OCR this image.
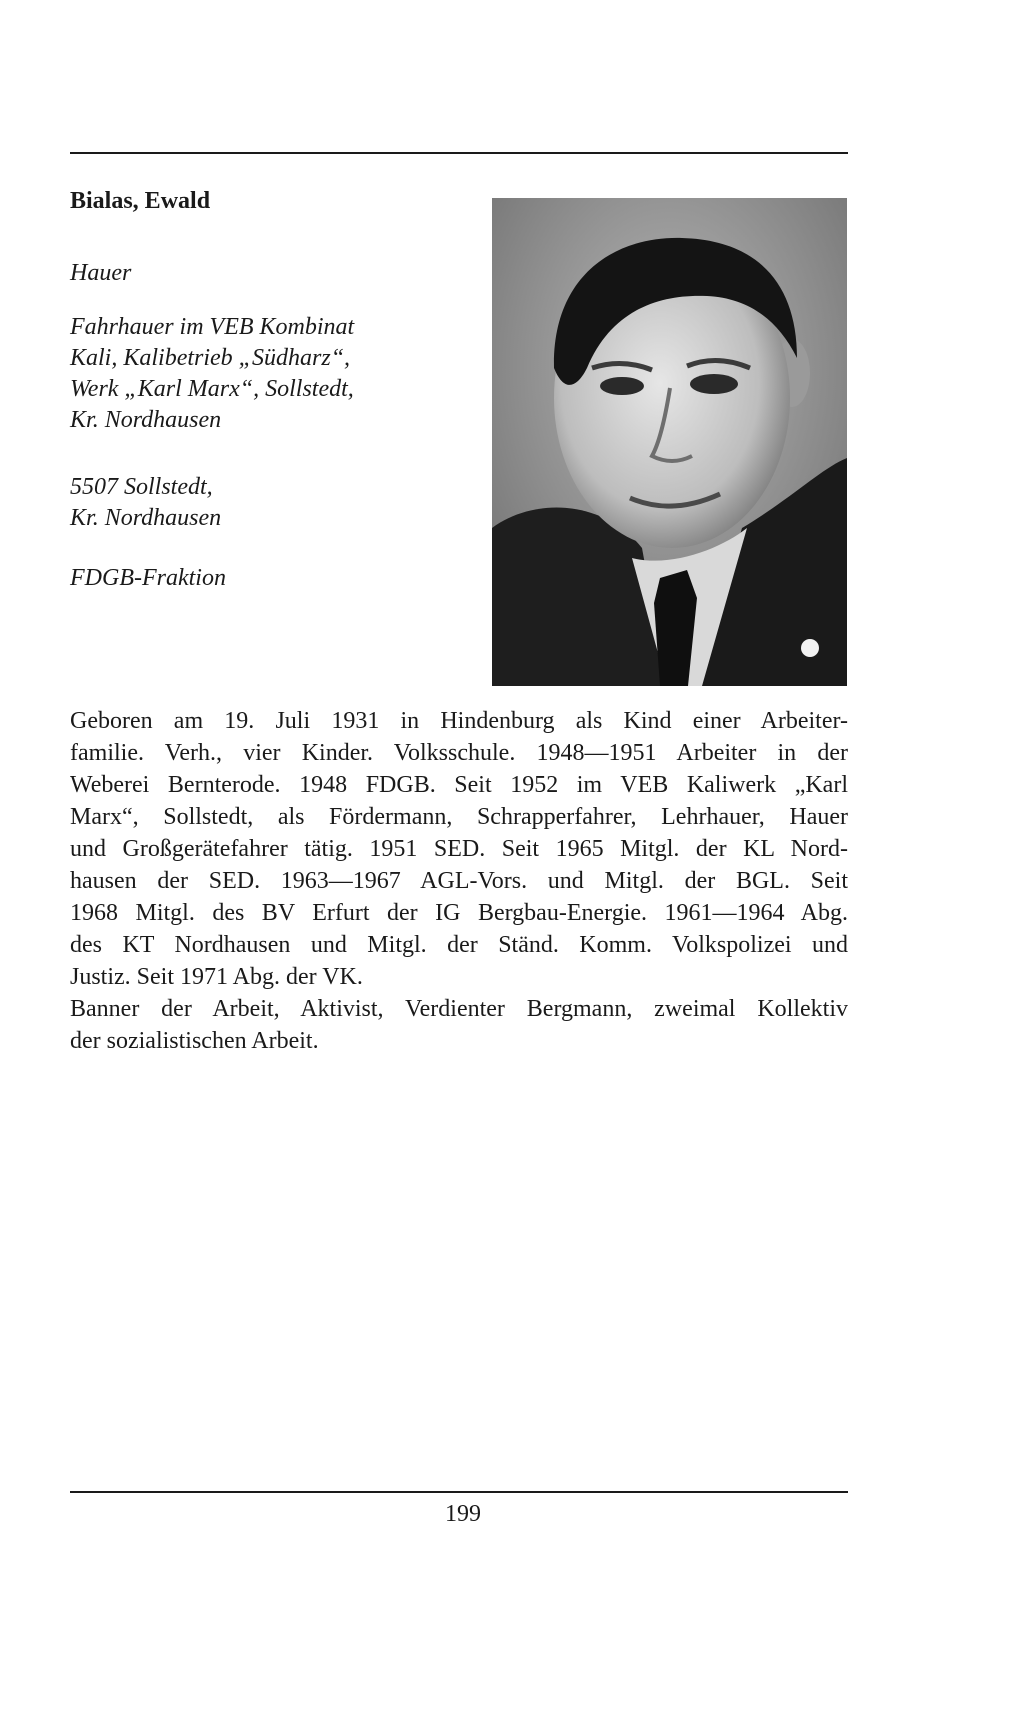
Bialas, Ewald
Hauer
Fahrhauer im VEB Kombinat
Kali, Kalibetrieb „Südharz“,
Werk „Karl Marx“, Sollstedt,
Kr. Nordhausen
5507 Sollstedt,
Kr. Nordhausen
FDGB-Fraktion

Geboren am 19. Juli 1931 in Hindenburg als Kind einer Arbeiter-
familie. Verh., vier Kinder. Volksschule. 1948—1951 Arbeiter in der
Weberei Bernterode. 1948 FDGB. Seit 1952 im VEB Kaliwerk „Karl
Marx“, Sollstedt, als Fördermann, Schrapperfahrer, Lehrhauer, Hauer
und Großgerätefahrer tätig. 1951 SED. Seit 1965 Mitgl. der KL Nord-
hausen der SED. 1963—1967 AGL-Vors. und Mitgl. der BGL. Seit
1968 Mitgl. des BV Erfurt der IG Bergbau-Energie. 1961—1964 Abg.
des KT Nordhausen und Mitgl. der Ständ. Komm. Volkspolizei und
Justiz. Seit 1971 Abg. der VK.
Banner der Arbeit, Aktivist, Verdienter Bergmann, zweimal Kollektiv
der sozialistischen Arbeit.

199
